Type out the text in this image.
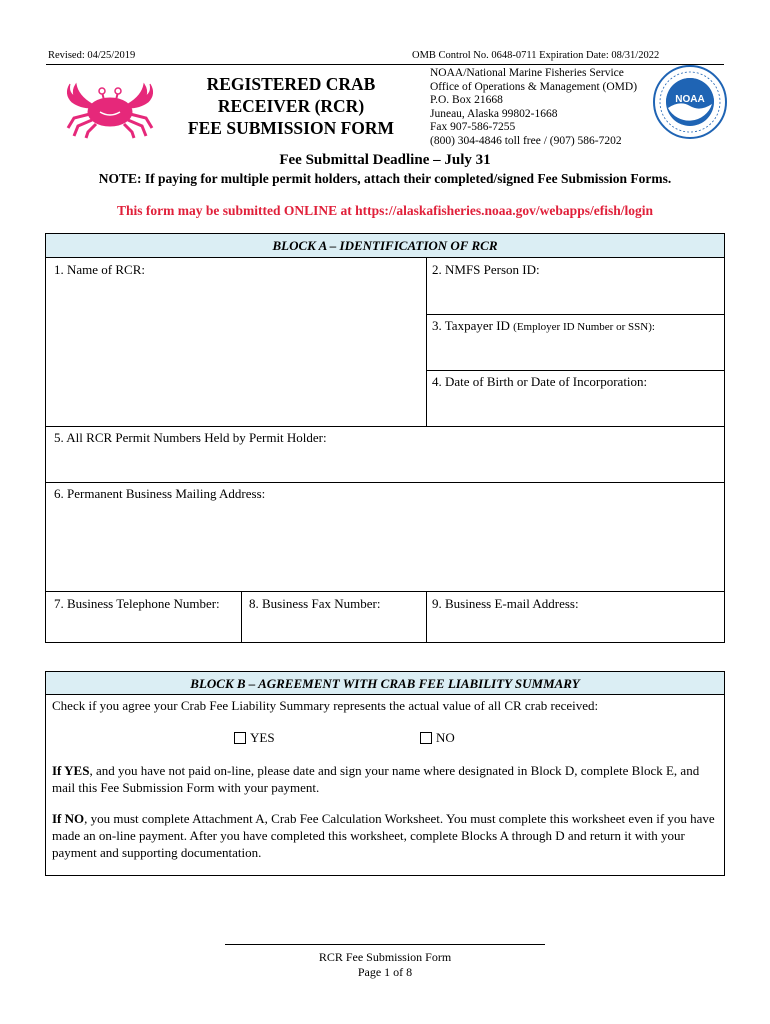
Revised: 04/25/2019	OMB Control No. 0648-0711 Expiration Date: 08/31/2022
REGISTERED CRAB
RECEIVER (RCR)
FEE SUBMISSION FORM
NOAA/National Marine Fisheries Service
Office of Operations & Management (OMD)
P.O. Box 21668
Juneau, Alaska 99802-1668
Fax 907-586-7255
(800) 304-4846 toll free / (907) 586-7202
NOAA
Fee Submittal Deadline – July 31
NOTE: If paying for multiple permit holders, attach their completed/signed Fee Submission Forms.
This form may be submitted ONLINE at https://alaskafisheries.noaa.gov/webapps/efish/login
BLOCK A – IDENTIFICATION OF RCR
1. Name of RCR:	2. NMFS Person ID:
3. Taxpayer ID (Employer ID Number or SSN):
4. Date of Birth or Date of Incorporation:
5. All RCR Permit Numbers Held by Permit Holder:
6. Permanent Business Mailing Address:
7. Business Telephone Number: 8. Business Fax Number:	9. Business E-mail Address:
BLOCK B – AGREEMENT WITH CRAB FEE LIABILITY SUMMARY
Check if you agree your Crab Fee Liability Summary represents the actual value of all CR crab received:
YES	NO
If YES, and you have not paid on-line, please date and sign your name where designated in Block D, complete Block E, and mail this Fee Submission Form with your payment.
If NO, you must complete Attachment A, Crab Fee Calculation Worksheet. You must complete this worksheet even if you have made an on-line payment. After you have completed this worksheet, complete Blocks A through D and return it with your payment and supporting documentation.
RCR Fee Submission Form
Page 1 of 8
